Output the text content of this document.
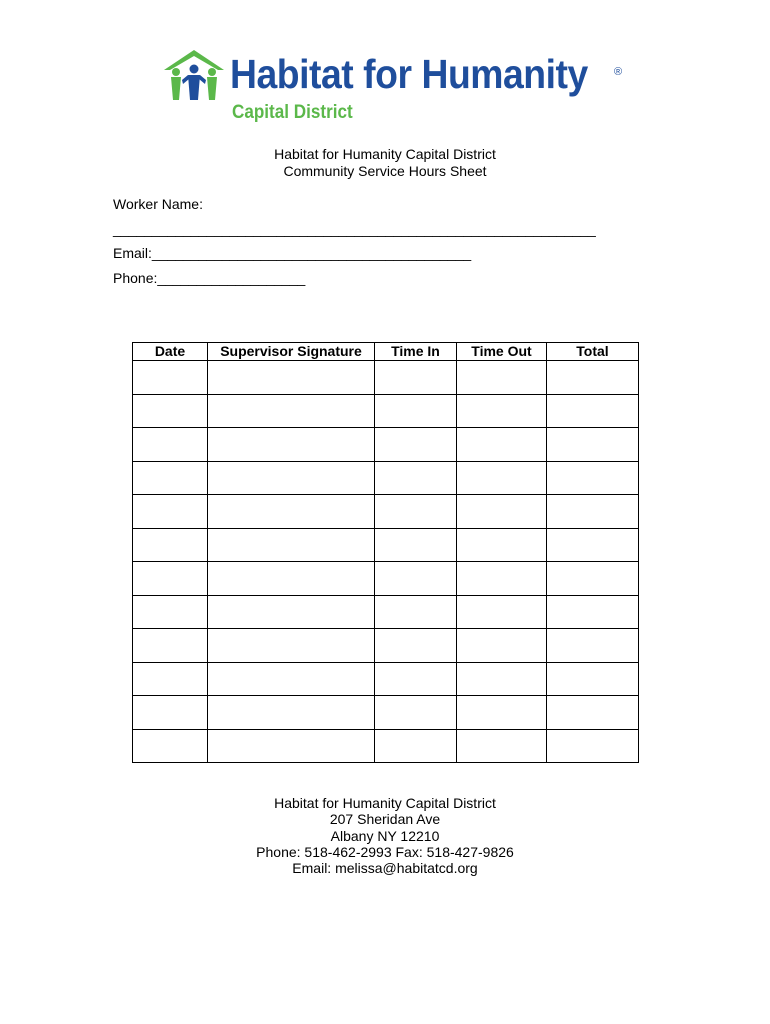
Habitat for Humanity ®
Capital District
Habitat for Humanity Capital District
Community Service Hours Sheet
Worker Name:
______________________________________________________________
Email:_________________________________________
Phone:___________________
Date	Supervisor Signature	Time In	Time Out	Total

Habitat for Humanity Capital District
207 Sheridan Ave
Albany NY 12210
Phone: 518-462-2993 Fax: 518-427-9826
Email: melissa@habitatcd.org
